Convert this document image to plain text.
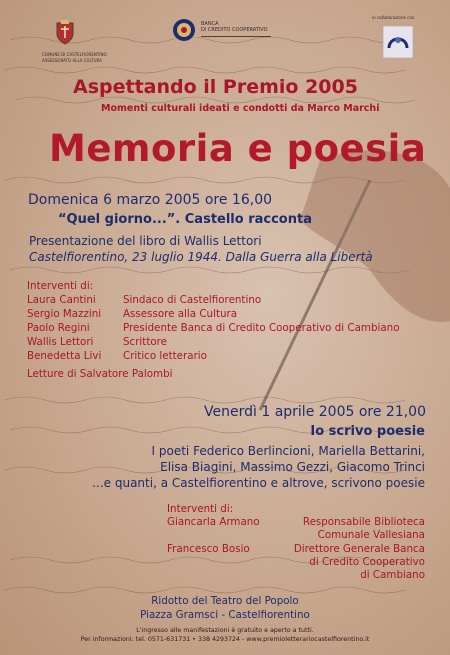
COMUNE DI CASTELFIORENTINO
ASSESSORATO ALLA CULTURA
BANCA
DI CREDITO COOPERATIVO
in collaborazione con
Aspettando il Premio 2005
Momenti culturali ideati e condotti da Marco Marchi
Memoria e poesia
Domenica 6 marzo 2005 ore 16,00
“Quel giorno...”. Castello racconta
Presentazione del libro di Wallis Lettori
Castelfiorentino, 23 luglio 1944. Dalla Guerra alla Libertà
Interventi di:
Laura Cantini	Sindaco di Castelfiorentino
Sergio Mazzini Assessore alla Cultura
Paolo Regini	Presidente Banca di Credito Cooperativo di Cambiano
Wallis Lettori	Scrittore
Benedetta Livi Critico letterario
Letture di Salvatore Palombi
Venerdì 1 aprile 2005 ore 21,00
Io scrivo poesie
I poeti Federico Berlincioni, Mariella Bettarini,
Elisa Biagini, Massimo Gezzi, Giacomo Trinci
...e quanti, a Castelfiorentino e altrove, scrivono poesie
Interventi di:
Giancarla Armano	Responsabile Biblioteca
Comunale Vallesiana
Francesco Bosio	Direttore Generale Banca
di Credito Cooperativo
di Cambiano
Ridotto del Teatro del Popolo
Piazza Gramsci - Castelfiorentino
L'ingresso alle manifestazioni è gratuito e aperto a tutti.
Per informazioni: tel. 0571-631731 • 338 4293724 - www.premioletterariocastelfiorentino.it
